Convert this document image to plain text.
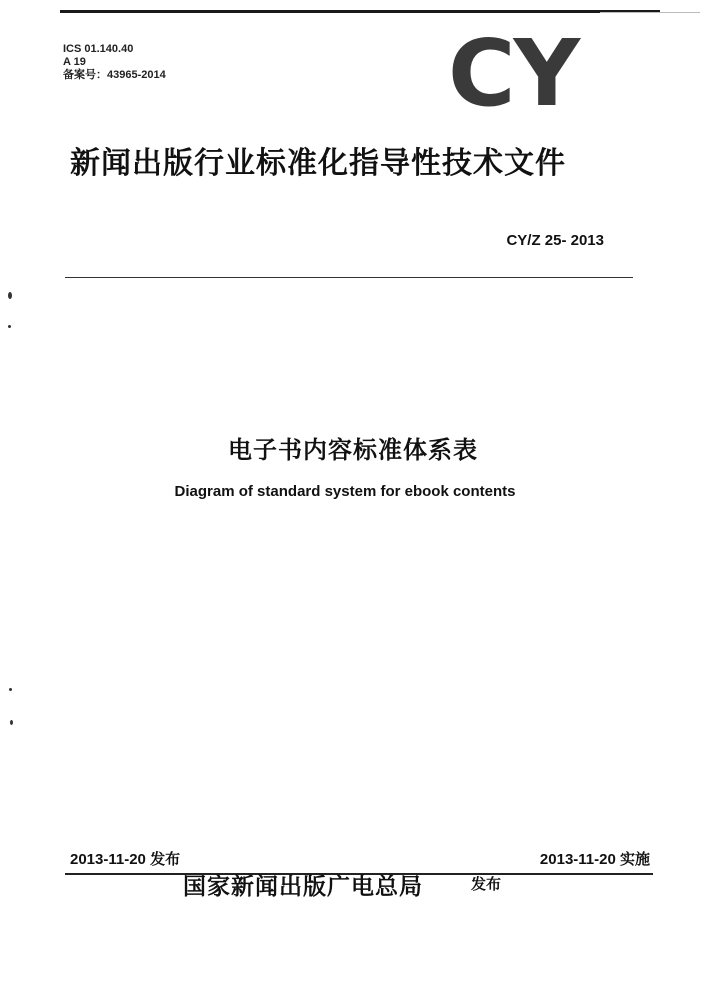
ICS 01.140.40
A 19
备案号：43965-2014	CY
新闻出版行业标准化指导性技术文件
CY/Z 25- 2013
电子书内容标准体系表
Diagram of standard system for ebook contents
2013-11-20 发布	2013-11-20 实施
国家新闻出版广电总局	发布
